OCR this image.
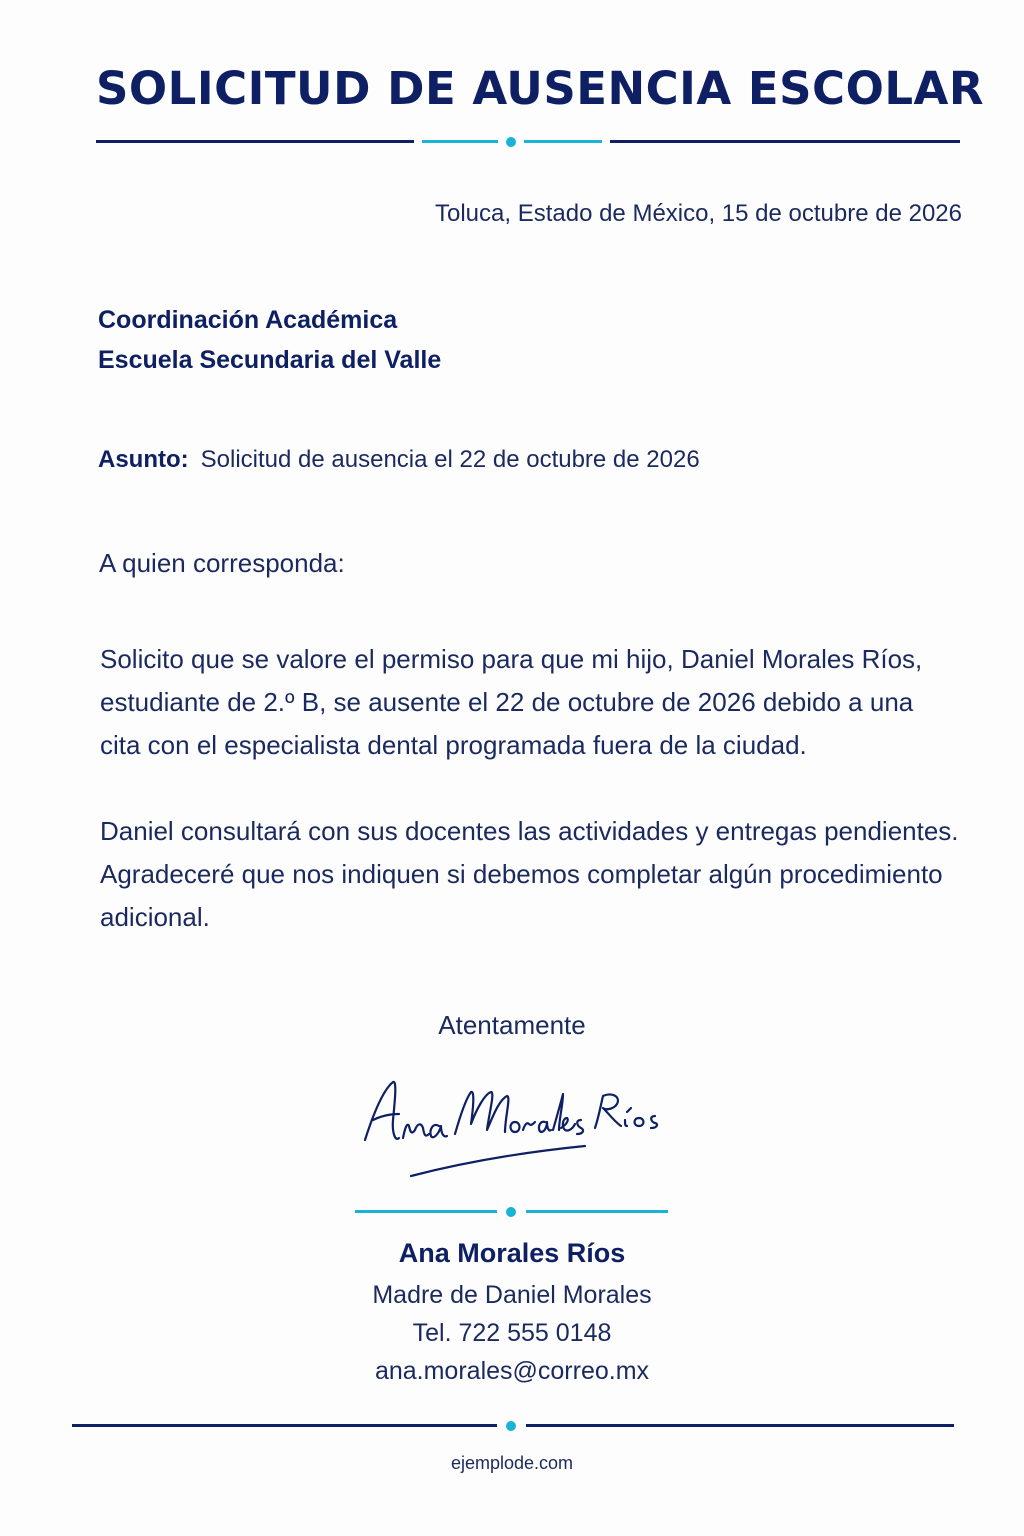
SOLICITUD DE AUSENCIA ESCOLAR
Toluca, Estado de México, 15 de octubre de 2026
Coordinación Académica
Escuela Secundaria del Valle
Asunto: Solicitud de ausencia el 22 de octubre de 2026
A quien corresponda:
Solicito que se valore el permiso para que mi hijo, Daniel Morales Ríos, estudiante de 2.º B, se ausente el 22 de octubre de 2026 debido a una cita con el especialista dental programada fuera de la ciudad.
Daniel consultará con sus docentes las actividades y entregas pendientes. Agradeceré que nos indiquen si debemos completar algún procedimiento adicional.
Atentamente
Ana Morales Ríos
Madre de Daniel Morales
Tel. 722 555 0148
ana.morales@correo.mx
ejemplode.com
